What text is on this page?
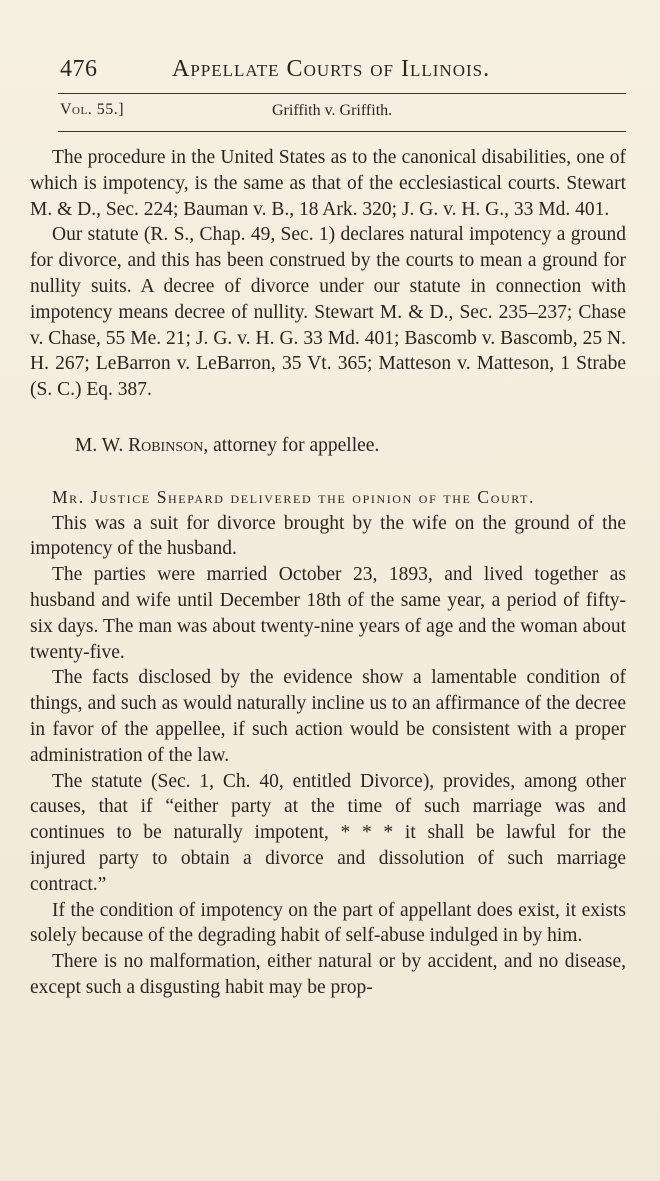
476	Appellate Courts of Illinois.
Vol. 55.]	Griffith v. Griffith.

The procedure in the United States as to the canonical disabilities, one of which is impotency, is the same as that of the ecclesiastical courts. Stewart M. & D., Sec. 224; Bauman v. B., 18 Ark. 320; J. G. v. H. G., 33 Md. 401.

Our statute (R. S., Chap. 49, Sec. 1) declares natural impotency a ground for divorce, and this has been construed by the courts to mean a ground for nullity suits. A decree of divorce under our statute in connection with impotency means decree of nullity. Stewart M. & D., Sec. 235–237; Chase v. Chase, 55 Me. 21; J. G. v. H. G. 33 Md. 401; Bascomb v. Bascomb, 25 N. H. 267; LeBarron v. LeBarron, 35 Vt. 365; Matteson v. Matteson, 1 Strabe (S. C.) Eq. 387.

M. W. Robinson, attorney for appellee.

Mr. Justice Shepard delivered the opinion of the Court.

This was a suit for divorce brought by the wife on the ground of the impotency of the husband.

The parties were married October 23, 1893, and lived together as husband and wife until December 18th of the same year, a period of fifty-six days. The man was about twenty-nine years of age and the woman about twenty-five.

The facts disclosed by the evidence show a lamentable condition of things, and such as would naturally incline us to an affirmance of the decree in favor of the appellee, if such action would be consistent with a proper administration of the law.

The statute (Sec. 1, Ch. 40, entitled Divorce), provides, among other causes, that if “either party at the time of such marriage was and continues to be naturally impotent, * * * it shall be lawful for the injured party to obtain a divorce and dissolution of such marriage contract.”

If the condition of impotency on the part of appellant does exist, it exists solely because of the degrading habit of self-abuse indulged in by him.

There is no malformation, either natural or by accident, and no disease, except such a disgusting habit may be prop-
